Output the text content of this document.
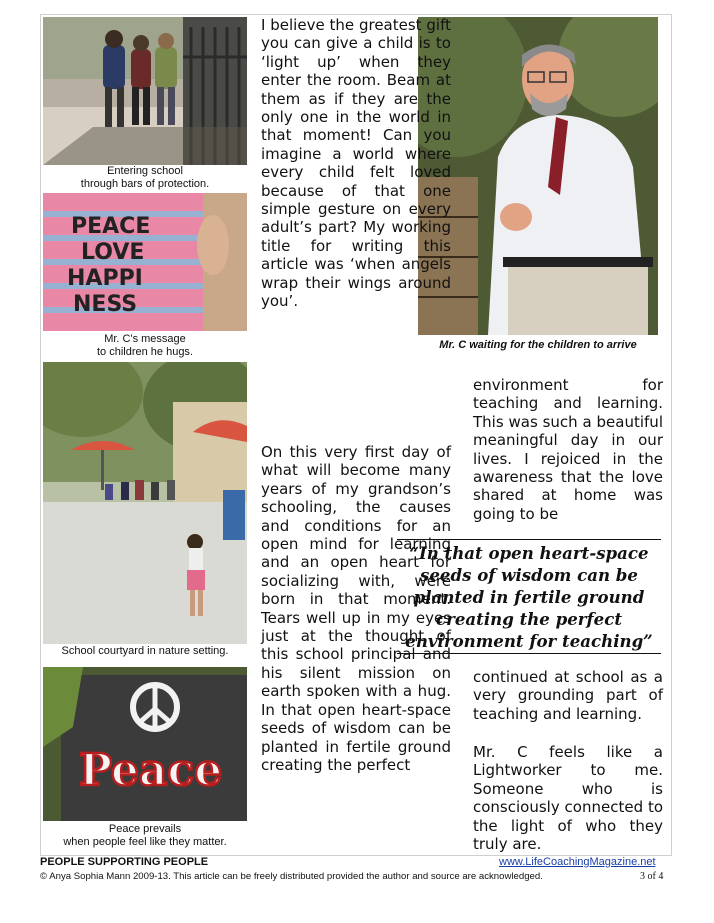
Entering school
through bars of protection.
PEACE
LOVE
HAPPI
NESS
Mr. C's message
to children he hugs.
School courtyard in nature setting.
Peace
Peace prevails
when people feel like they matter.
Mr. C waiting for the children to arrive

I believe the greatest gift you can give a child is to ‘light up’ when they enter the room. Beam at them as if they are the only one in the world in that moment! Can you imagine a world where every child felt loved because of that one simple gesture on every adult’s part? My working title for writing this article was ‘when angels wrap their wings around you’.

On this very first day of what will become many years of my grandson’s schooling, the causes and conditions for an open mind for learning and an open heart for socializing with, were born in that moment. Tears well up in my eyes just at the thought of this school principal and his silent mission on earth spoken with a hug. In that open heart-space seeds of wisdom can be planted in fertile ground creating the perfect

environment for teaching and learning. This was such a beautiful meaningful day in our lives. I rejoiced in the awareness that the love shared at home was going to be

continued at school as a very grounding part of teaching and learning.

Mr. C feels like a Lightworker to me. Someone who is consciously connected to the light of who they truly are.

“In that open heart-space seeds of wisdom can be planted in fertile ground creating the perfect environment for teaching”
PEOPLE SUPPORTING PEOPLE	www.LifeCoachingMagazine.net
© Anya Sophia Mann 2009-13. This article can be freely distributed provided the author and source are acknowledged.	3 of 4
